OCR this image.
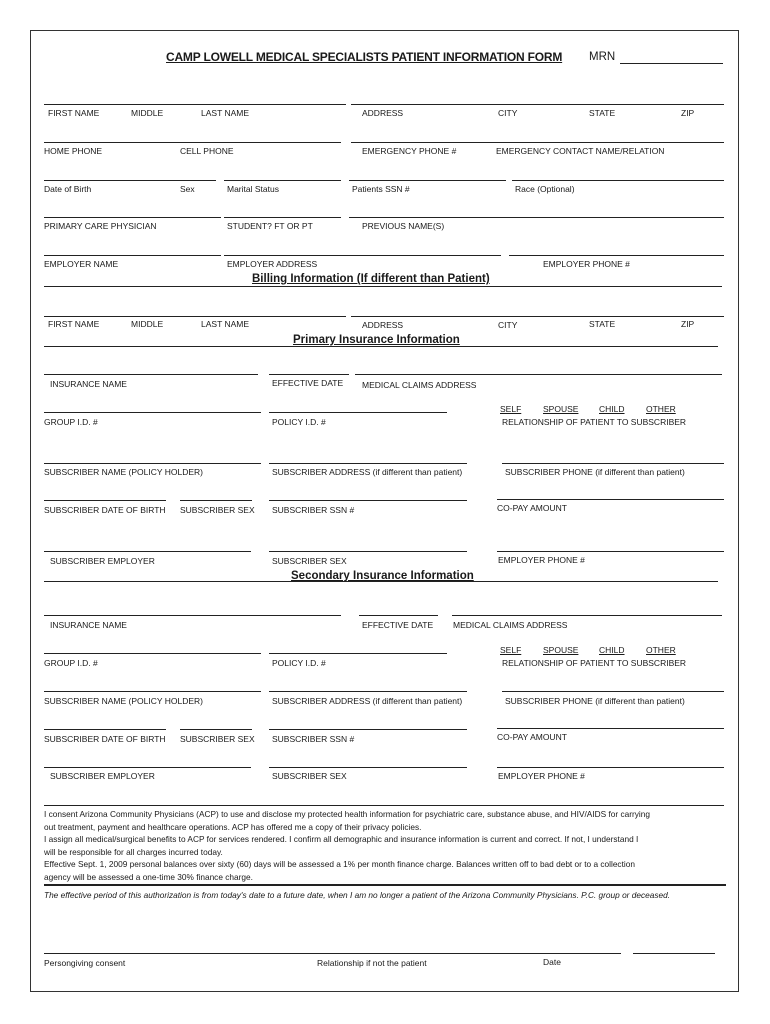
CAMP LOWELL MEDICAL SPECIALISTS PATIENT INFORMATION FORM MRN
FIRST NAME	MIDDLE	LAST NAME	ADDRESS	CITY	STATE	ZIP
HOME PHONE	CELL PHONE	EMERGENCY PHONE #	EMERGENCY CONTACT NAME/RELATION
Date of Birth	Sex	Marital Status	Patients SSN #	Race (Optional)
PRIMARY CARE PHYSICIAN	STUDENT? FT OR PT	PREVIOUS NAME(S)
EMPLOYER NAME	EMPLOYER ADDRESS	EMPLOYER PHONE #
Billing Information (If different than Patient)
FIRST NAME	MIDDLE	LAST NAME	ADDRESS	CITY	STATE	ZIP
Primary Insurance Information
INSURANCE NAME	EFFECTIVE DATE MEDICAL CLAIMS ADDRESS
SELF	SPOUSE CHILD	OTHER
GROUP I.D. #	POLICY I.D. #	RELATIONSHIP OF PATIENT TO SUBSCRIBER
SUBSCRIBER NAME (POLICY HOLDER)	SUBSCRIBER ADDRESS (if different than patient)	SUBSCRIBER PHONE (if different than patient)
SUBSCRIBER DATE OF BIRTH SUBSCRIBER SEX SUBSCRIBER SSN #	CO-PAY AMOUNT
SUBSCRIBER EMPLOYER	SUBSCRIBER SEX	EMPLOYER PHONE #
Secondary Insurance Information
INSURANCE NAME	EFFECTIVE DATE MEDICAL CLAIMS ADDRESS
SELF	SPOUSE CHILD	OTHER
GROUP I.D. #	POLICY I.D. #	RELATIONSHIP OF PATIENT TO SUBSCRIBER
SUBSCRIBER NAME (POLICY HOLDER)	SUBSCRIBER ADDRESS (if different than patient)	SUBSCRIBER PHONE (if different than patient)
SUBSCRIBER DATE OF BIRTH SUBSCRIBER SEX SUBSCRIBER SSN #	CO-PAY AMOUNT
SUBSCRIBER EMPLOYER	SUBSCRIBER SEX	EMPLOYER PHONE #
I consent Arizona Community Physicians (ACP) to use and disclose my protected health information for psychiatric care, substance abuse, and HIV/AIDS for carrying
out treatment, payment and healthcare operations. ACP has offered me a copy of their privacy policies.
I assign all medical/surgical benefits to ACP for services rendered. I confirm all demographic and insurance information is current and correct. If not, I understand I
will be responsible for all charges incurred today.
Effective Sept. 1, 2009 personal balances over sixty (60) days will be assessed a 1% per month finance charge. Balances written off to bad debt or to a collection
agency will be assessed a one-time 30% finance charge.
The effective period of this authorization is from today's date to a future date, when I am no longer a patient of the Arizona Community Physicians. P.C. group or deceased.
Persongiving consent	Relationship if not the patient	Date
